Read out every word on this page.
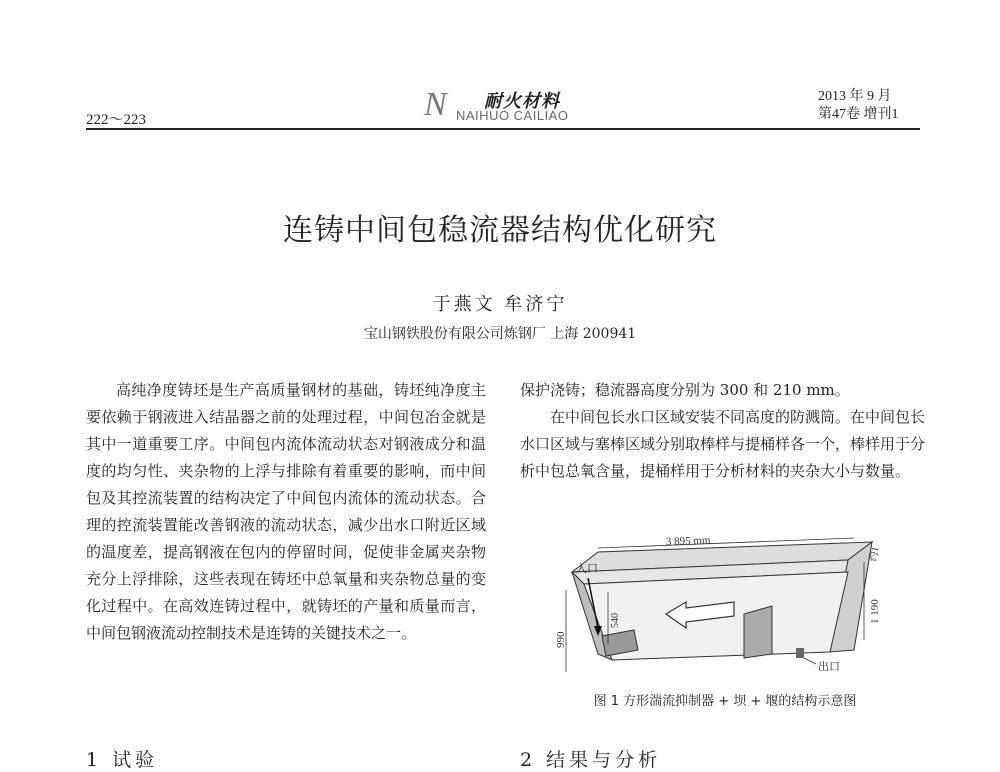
222～223	N 耐火材料
NAIHUO CAILIAO
2013 年 9 月
第47卷 增刊1
连铸中间包稳流器结构优化研究
于燕文 牟济宁
宝山钢铁股份有限公司炼钢厂 上海 200941

高纯净度铸坯是生产高质量钢材的基础，铸坯纯净度主要依赖于钢液进入结晶器之前的处理过程，中间包冶金就是其中一道重要工序。中间包内流体流动状态对钢液成分和温度的均匀性、夹杂物的上浮与排除有着重要的影响，而中间包及其控流装置的结构决定了中间包内流体的流动状态。合理的控流装置能改善钢液的流动状态，减少出水口附近区域的温度差，提高钢液在包内的停留时间，促使非金属夹杂物充分上浮排除，这些表现在铸坯中总氧量和夹杂物总量的变化过程中。在高效连铸过程中，就铸坯的产量和质量而言，中间包钢液流动控制技术是连铸的关键技术之一。

保护浇铸；稳流器高度分别为 300 和 210 mm。

在中间包长水口区域安装不同高度的防溅筒。在中间包长水口区域与塞棒区域分别取棒样与提桶样各一个，棒样用于分析中包总氧含量，提桶样用于分析材料的夹杂大小与数量。

3 895 mm
1 190
990
540
入口
出口
约1
图 1 方形湍流抑制器 + 坝 + 堰的结构示意图
1 试验	2 结果与分析
